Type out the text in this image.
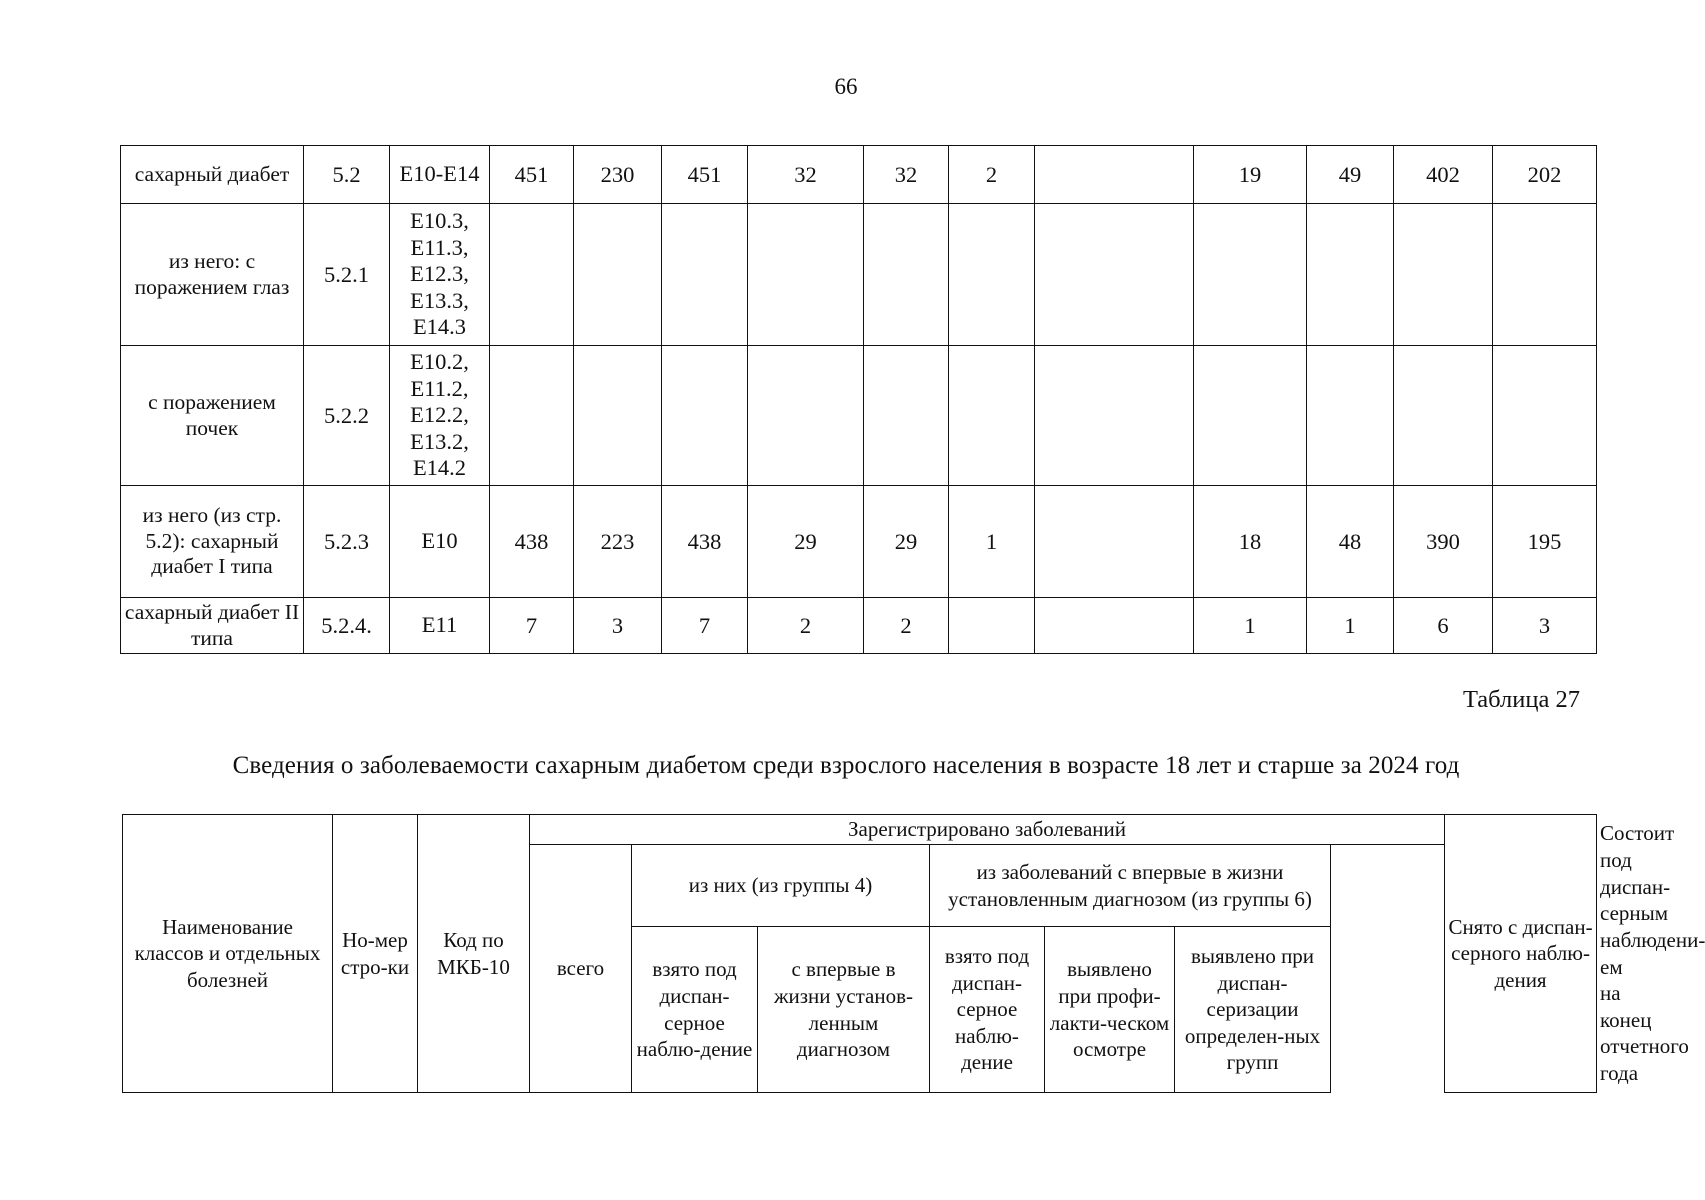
66
сахарный диабет	5.2	E10-E14	451	230	451	32	32	2		19	49	402	202
из него: с поражением глаз	5.2.1	E10.3, E11.3, E12.3, E13.3, E14.3											
с поражением почек	5.2.2	E10.2, E11.2, E12.2, E13.2, E14.2											
из него (из стр. 5.2): сахарный диабет I типа	5.2.3	E10	438	223	438	29	29	1		18	48	390	195
сахарный диабет II типа	5.2.4.	E11	7	3	7	2	2			1	1	6	3
Таблица 27
Сведения о заболеваемости сахарным диабетом среди взрослого населения в возрасте 18 лет и старше за 2024 год
Наименование классов и отдельных болезней	Но-мер стро-ки	Код по МКБ-10	Зарегистрировано заболеваний						Снято с диспан-серного наблю-дения	Состоит под диспан-серным наблюдени-ем на конец отчетного года
			всего	из них (из группы 4)		из заболеваний с впервые в жизни установленным диагнозом (из группы 6)				
				взято под диспан-серное наблю-дение	с впервые в жизни установ-ленным диагнозом	взято под диспан-серное наблю-дение	выявлено при профи-лакти-ческом осмотре	выявлено при диспан-серизации определен-ных групп		
